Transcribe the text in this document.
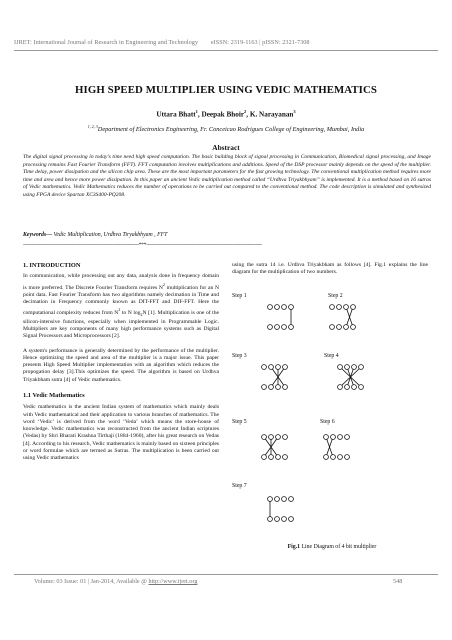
IJRET: International Journal of Research in Engineering and Technology eISSN: 2319-1163 | pISSN: 2321-7308
HIGH SPEED MULTIPLIER USING VEDIC MATHEMATICS
Uttara Bhatt$^1$, Deepak Bhoir$^2$, K. Narayanan$^3$
$^{1, 2, 3}$Department of Electronics Engineering, Fr. Conceicao Rodrigues College of Engineering, Mumbai, India
Abstract
The digital signal processing in today's time need high speed computation. The basic building block of signal processing in Communication, Biomedical signal processing, and Image processing remains Fast Fourier Transform (FFT). FFT computation involves multiplications and additions. Speed of the DSP processor mainly depends on the speed of the multiplier. Time delay, power dissipation and the silicon chip area. These are the most important parameters for the fast growing technology. The conventional multiplication method requires more time and area and hence more power dissipation. In this paper an ancient Vedic multiplication method called “Urdhva Triyakbhyam” is implemented. It is a method based on 16 sutras of Vedic mathematics. Vedic Mathematics reduces the number of operations to be carried out compared to the conventional method. The code description is simulated and synthesized using FPGA device Spartan XC3S400-PQ208.
Keywords— Vedic Multiplication, Urdhva Tiryakbhyam , FFT
--------------------------------------------------------------------------***--------------------------------------------------------------------------
1. INTRODUCTION

In communication, while processing out any data, analysis done in frequency domain is more preferred. The Discrete Fourier Transform requires $N^2$ multiplication for an N point data. Fast Fourier Transform has two algorithms namely decimation in Time and decimation in Frequency commonly known as DIT-FFT and DIF-FFT. Here the computational complexity reduces from $N^2$ to N $\log_2N$ [1]. Multiplication is one of the silicon-intensive functions, especially when implemented in Programmable Logic. Multipliers are key components of many high performance systems such as Digital Signal Processors and Microprocessors [2].

A system's performance is generally determined by the performance of the multiplier. Hence optimizing the speed and area of the multiplier is a major issue. This paper presents High Speed Multiplier implementation with an algorithm which reduces the propogation delay [3].This optimizes the speed. The algorithm is based on Urdhva Triyakbham sutra [4] of Vedic mathematics.

1.1 Vedic Mathematics

Vedic mathematics is the ancient Indian system of mathematics which mainly deals with Vedic mathematical and their application to various branches of mathematics. The word ‘Vedic’ is derived from the word ‘Veda’ which means the store-house of knowledge. Vedic mathematics was reconstructed from the ancient Indian scriptures (Vedas) by Shri Bharati Krashna Tirthaji (1884-1960), after his great research on Vedas [4]. According to his research, Vedic mathematics is mainly based on sixteen principles or word formulae which are termed as Sutras. The multiplication is been carried out using Vedic mathematics

using the sutra 14 i.e. Urdhva Triyakbham as follows [4]. Fig.1 explains the line diagram for the multiplication of two numbers.
Step 1	Step 2
Step 3	Step 4
Step 5	Step 6
Step 7
Fig.1 Line Diagram of 4 bit multiplier
Volume: 03 Issue: 01 | Jan-2014, Available @ http://www.ijret.org	548
